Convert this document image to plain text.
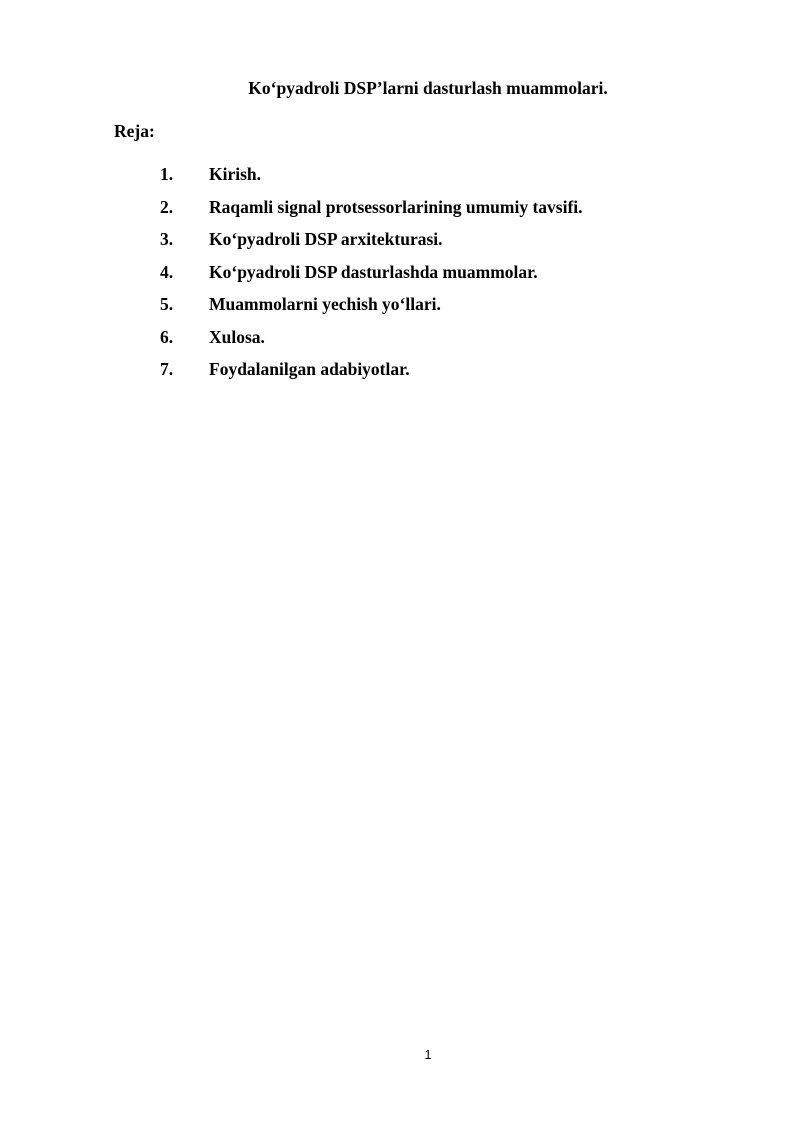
Ko‘pyadroli DSP’larni dasturlash muammolari.
Reja:
1.	Kirish.
2.	Raqamli signal protsessorlarining umumiy tavsifi.
3.	Ko‘pyadroli DSP arxitekturasi.
4.	Ko‘pyadroli DSP dasturlashda muammolar.
5.	Muammolarni yechish yo‘llari.
6.	Xulosa.
7.	Foydalanilgan adabiyotlar.
1
